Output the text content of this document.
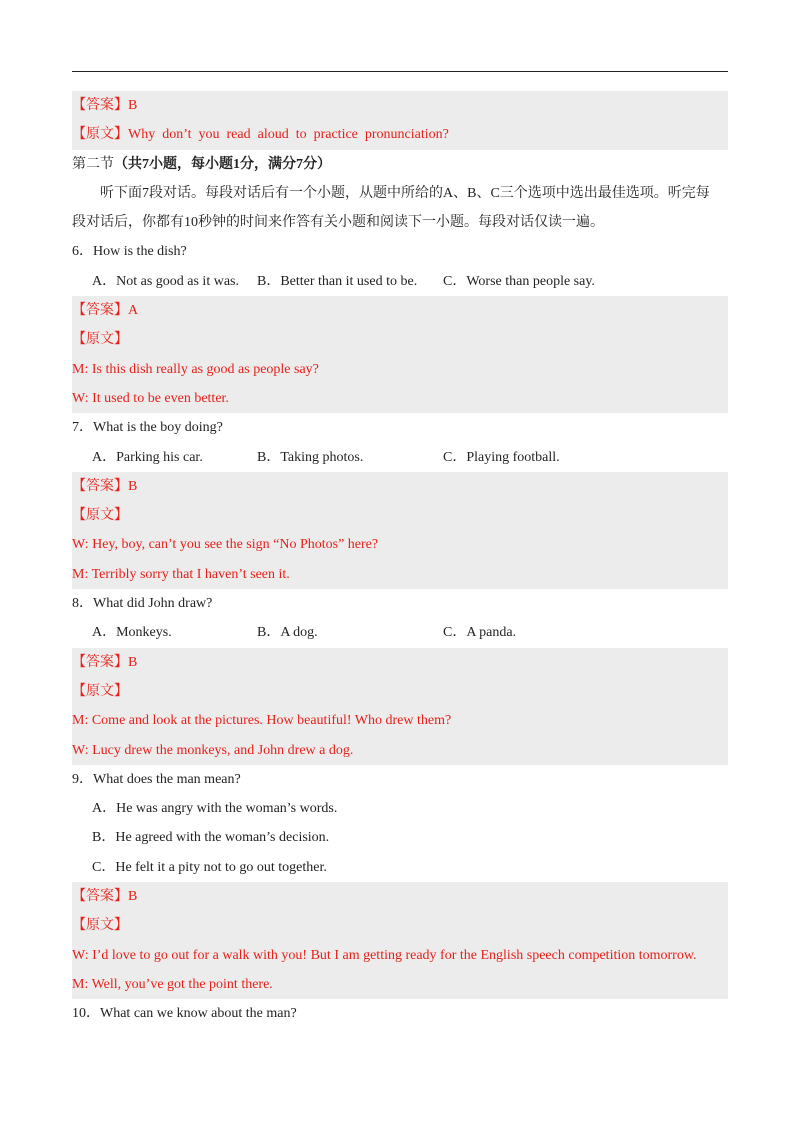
【答案】B
【原文】Why  don’t  you  read  aloud  to  practice  pronunciation?
第二节（共7小题，每小题1分，满分7分）
听下面7段对话。每段对话后有一个小题，从题中所给的A、B、C三个选项中选出最佳选项。听完每
段对话后，你都有10秒钟的时间来作答有关小题和阅读下一小题。每段对话仅读一遍。
6．How is the dish?
A．Not as good as it was.	B．Better than it used to be.	C．Worse than people say.
【答案】A
【原文】
M: Is this dish really as good as people say?
W: It used to be even better.
7．What is the boy doing?
A．Parking his car.	B．Taking photos.	C．Playing football.
【答案】B
【原文】
W: Hey, boy, can’t you see the sign “No Photos” here?
M: Terribly sorry that I haven’t seen it.
8．What did John draw?
A．Monkeys.	B．A dog.	C．A panda.
【答案】B
【原文】
M: Come and look at the pictures. How beautiful! Who drew them?
W: Lucy drew the monkeys, and John drew a dog.
9．What does the man mean?
A．He was angry with the woman’s words.
B．He agreed with the woman’s decision.
C．He felt it a pity not to go out together.
【答案】B
【原文】
W: I’d love to go out for a walk with you! But I am getting ready for the English speech competition tomorrow.
M: Well, you’ve got the point there.
10．What can we know about the man?
